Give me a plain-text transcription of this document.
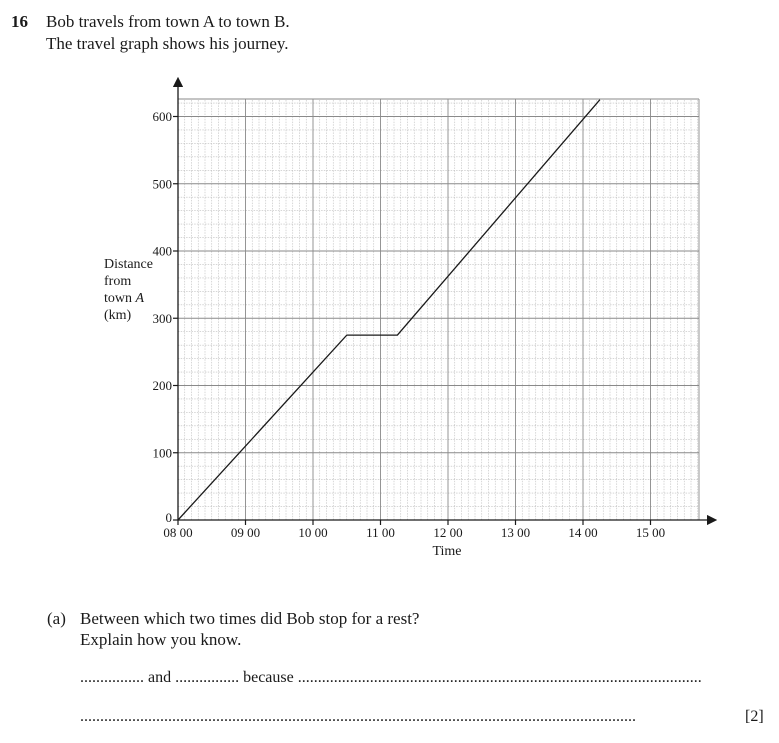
16 Bob travels from town A to town B.
The travel graph shows his journey.
0
100
200
300
400
500
600
08 00	09 00	10 00	11 00	12 00	13 00	14 00	15 00
Time
Distance
from
town A
(km)
(a) Between which two times did Bob stop for a rest?
Explain how you know.
................ and ................ because .....................................................................................................
...........................................................................................................................................	[2]
